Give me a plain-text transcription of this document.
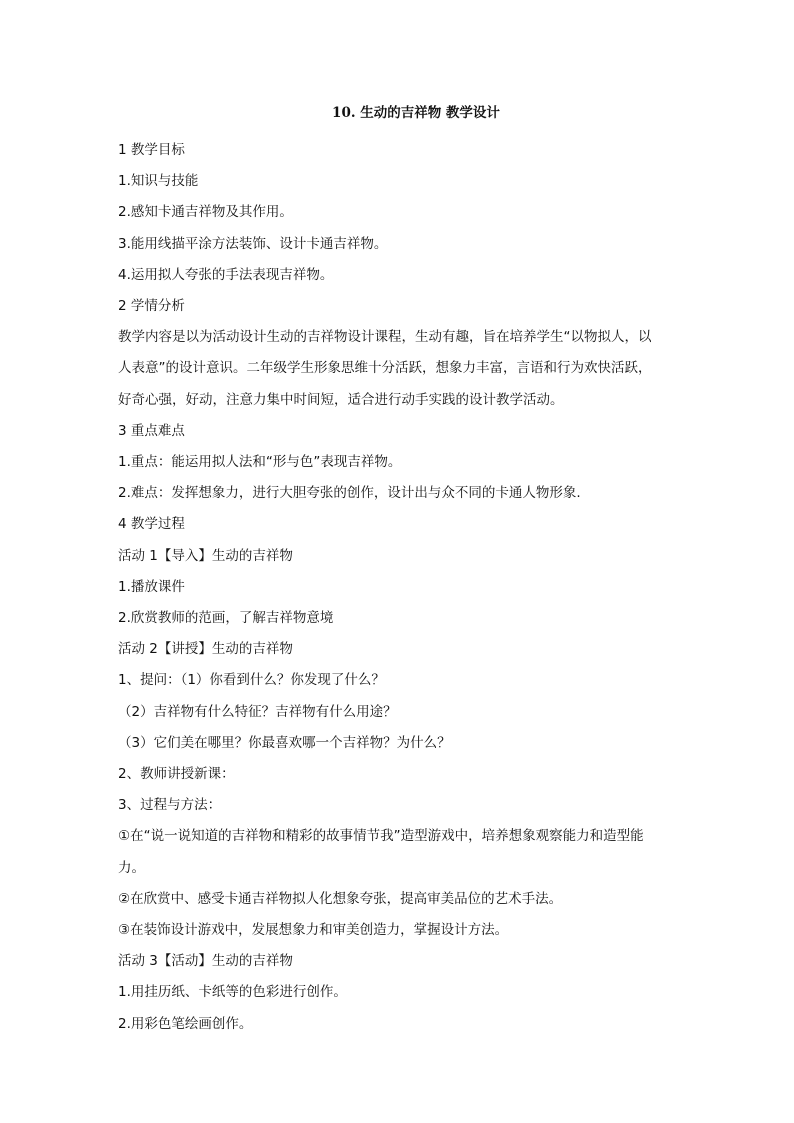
10. 生动的吉祥物 教学设计
1 教学目标
1.知识与技能
2.感知卡通吉祥物及其作用。
3.能用线描平涂方法装饰、设计卡通吉祥物。
4.运用拟人夸张的手法表现吉祥物。
2 学情分析
教学内容是以为活动设计生动的吉祥物设计课程，生动有趣，旨在培养学生“以物拟人，以
人表意”的设计意识。二年级学生形象思维十分活跃，想象力丰富，言语和行为欢快活跃，
好奇心强，好动，注意力集中时间短，适合进行动手实践的设计教学活动。
3 重点难点
1.重点：能运用拟人法和“形与色”表现吉祥物。
2.难点：发挥想象力，进行大胆夸张的创作，设计出与众不同的卡通人物形象.
4 教学过程
活动 1【导入】生动的吉祥物
1.播放课件
2.欣赏教师的范画，了解吉祥物意境
活动 2【讲授】生动的吉祥物
1、提问：（1）你看到什么？你发现了什么？
（2）吉祥物有什么特征？吉祥物有什么用途？
（3）它们美在哪里？你最喜欢哪一个吉祥物？为什么？
2、教师讲授新课：
3、过程与方法：
①在“说一说知道的吉祥物和精彩的故事情节我”造型游戏中，培养想象观察能力和造型能
力。
②在欣赏中、感受卡通吉祥物拟人化想象夸张，提高审美品位的艺术手法。
③在装饰设计游戏中，发展想象力和审美创造力，掌握设计方法。
活动 3【活动】生动的吉祥物
1.用挂历纸、卡纸等的色彩进行创作。
2.用彩色笔绘画创作。
